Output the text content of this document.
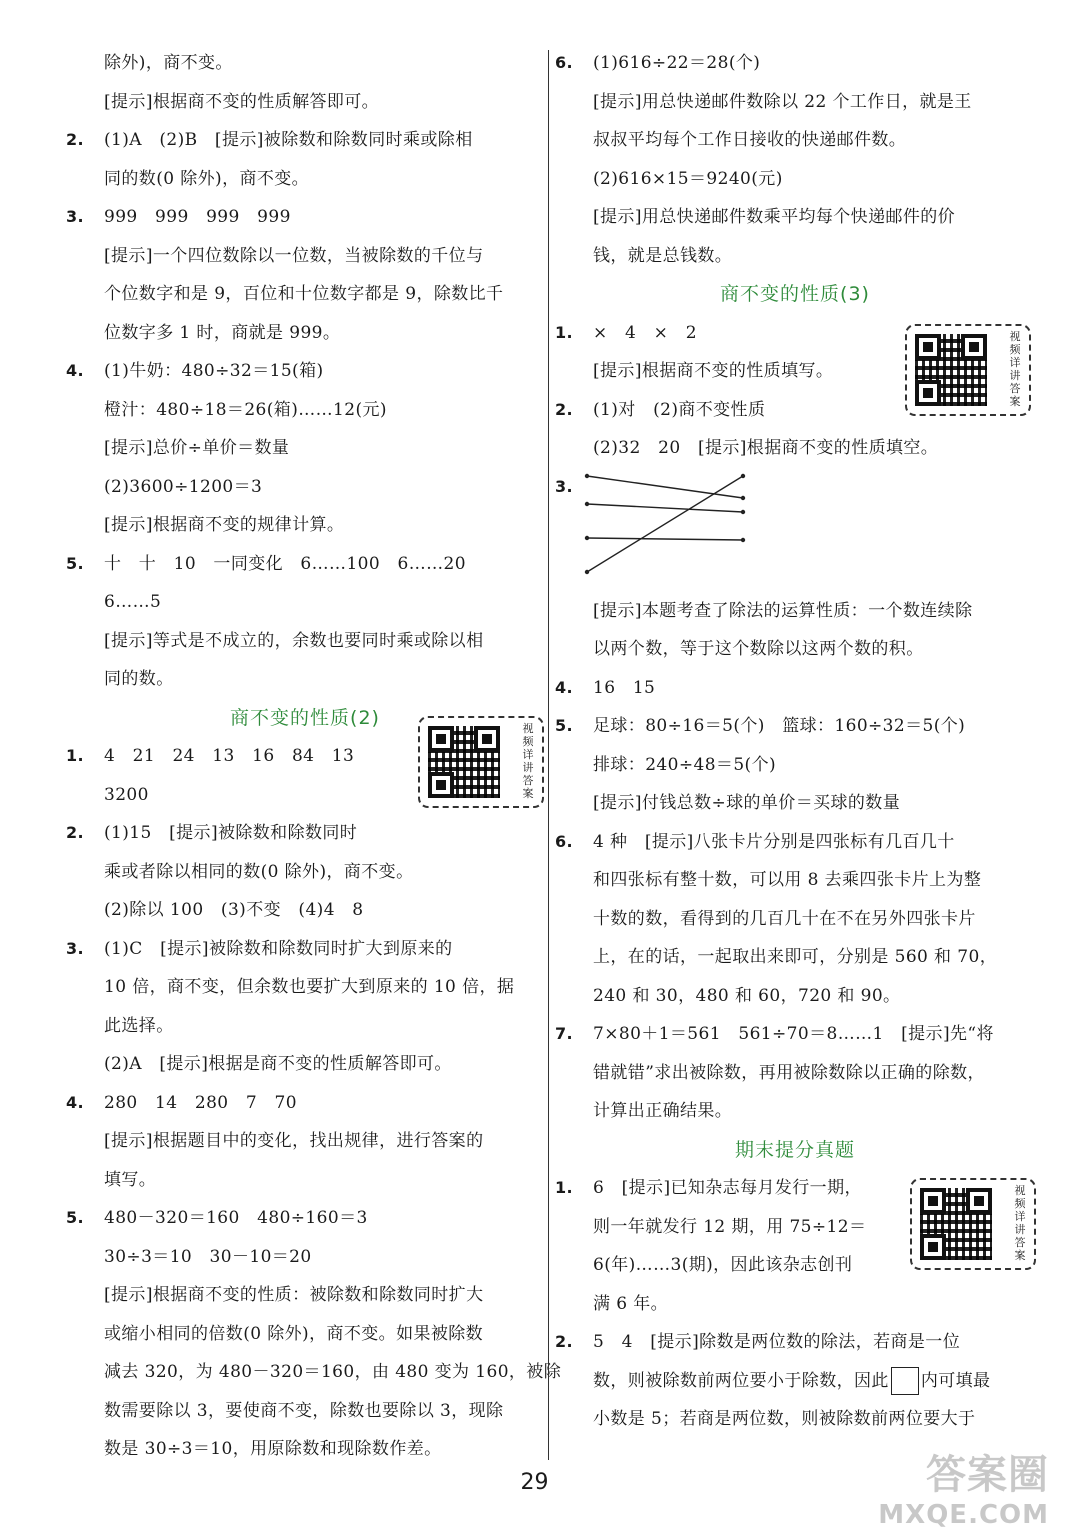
除外)，商不变。
[提示]根据商不变的性质解答即可。
2. (1)A　(2)B　[提示]被除数和除数同时乘或除相
同的数(0 除外)，商不变。
3. 999　999　999　999
[提示]一个四位数除以一位数，当被除数的千位与
个位数字和是 9，百位和十位数字都是 9，除数比千
位数字多 1 时，商就是 999。
4. (1)牛奶：480÷32＝15(箱)
橙汁：480÷18＝26(箱)……12(元)
[提示]总价÷单价＝数量
(2)3600÷1200＝3
[提示]根据商不变的规律计算。
5. 十　十　10　一同变化　6……100　6……20
6……5
[提示]等式是不成立的，余数也要同时乘或除以相
同的数。
商不变的性质(2)
1. 4　21　24　13　16　84　13
3200
2. (1)15　[提示]被除数和除数同时
乘或者除以相同的数(0 除外)，商不变。
(2)除以 100　(3)不变　(4)4　8
3. (1)C　[提示]被除数和除数同时扩大到原来的
10 倍，商不变，但余数也要扩大到原来的 10 倍，据
此选择。
(2)A　[提示]根据是商不变的性质解答即可。
4. 280　14　280　7　70
[提示]根据题目中的变化，找出规律，进行答案的
填写。
5. 480－320＝160　480÷160＝3
30÷3＝10　30－10＝20
[提示]根据商不变的性质：被除数和除数同时扩大
或缩小相同的倍数(0 除外)，商不变。如果被除数
减去 320，为 480－320＝160，由 480 变为 160，被除
数需要除以 3，要使商不变，除数也要除以 3，现除
数是 30÷3＝10，用原除数和现除数作差。
6. (1)616÷22＝28(个)
[提示]用总快递邮件数除以 22 个工作日，就是王
叔叔平均每个工作日接收的快递邮件数。
(2)616×15＝9240(元)
[提示]用总快递邮件数乘平均每个快递邮件的价
钱，就是总钱数。
商不变的性质(3)
1. ×　4　×　2
[提示]根据商不变的性质填写。
2. (1)对　(2)商不变性质
(2)32　20　[提示]根据商不变的性质填空。
3.
[提示]本题考查了除法的运算性质：一个数连续除
以两个数，等于这个数除以这两个数的积。
4. 16　15
5. 足球：80÷16＝5(个)　篮球：160÷32＝5(个)
排球：240÷48＝5(个)
[提示]付钱总数÷球的单价＝买球的数量
6. 4 种　[提示]八张卡片分别是四张标有几百几十
和四张标有整十数，可以用 8 去乘四张卡片上为整
十数的数，看得到的几百几十在不在另外四张卡片
上，在的话，一起取出来即可，分别是 560 和 70，
240 和 30，480 和 60，720 和 90。
7. 7×80＋1＝561　561÷70＝8……1　[提示]先“将
错就错”求出被除数，再用被除数除以正确的除数，
计算出正确结果。
期末提分真题
1. 6　[提示]已知杂志每月发行一期，
则一年就发行 12 期，用 75÷12＝
6(年)……3(期)，因此该杂志创刊
满 6 年。
2. 5　4　[提示]除数是两位数的除法，若商是一位
数，则被除数前两位要小于除数，因此 内可填最
小数是 5；若商是两位数，则被除数前两位要大于
视频详讲答案
视频详讲答案
视频详讲答案
29	答案圈
MXQE.COM
